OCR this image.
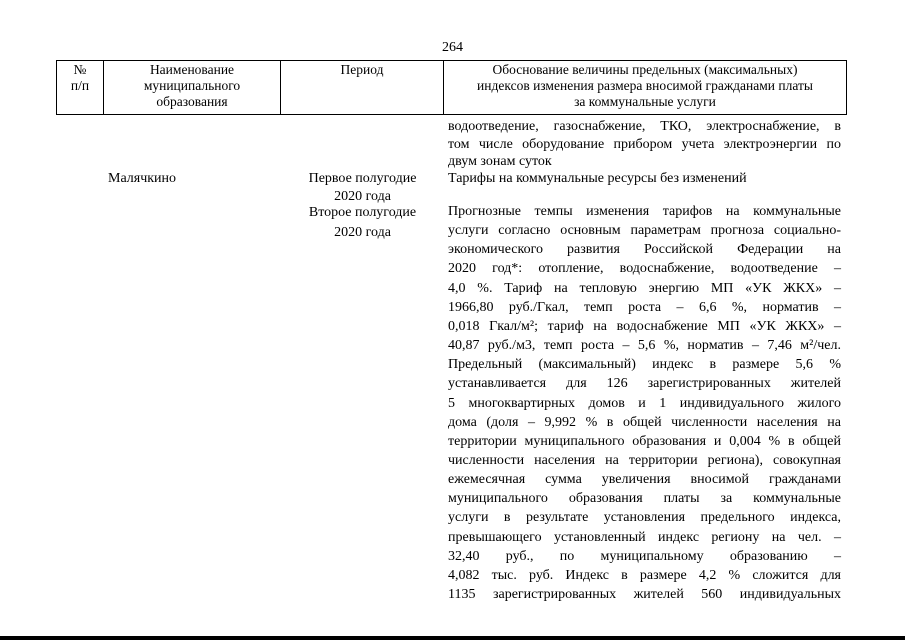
264
№
п/п
Наименование
муниципального
образования
Период	Обоснование величины предельных (максимальных)
индексов изменения размера вносимой гражданами платы
за коммунальные услуги
водоотведение, газоснабжение, ТКО, электроснабжение, в
том числе оборудование прибором учета электроэнергии по
двум зонам суток
Малячкино	Первое полугодие
2020 года
Тарифы на коммунальные ресурсы без изменений
Второе полугодие
2020 года
Прогнозные темпы изменения тарифов на коммунальные
услуги согласно основным параметрам прогноза социально-
экономического развития Российской Федерации на
2020 год*: отопление, водоснабжение, водоотведение –
4,0 %. Тариф на тепловую энергию МП «УК ЖКХ» –
1966,80 руб./Гкал, темп роста – 6,6 %, норматив –
0,018 Гкал/м²; тариф на водоснабжение МП «УК ЖКХ» –
40,87 руб./м3, темп роста – 5,6 %, норматив – 7,46 м²/чел.
Предельный (максимальный) индекс в размере 5,6 %
устанавливается для 126 зарегистрированных жителей
5 многоквартирных домов и 1 индивидуального жилого
дома (доля – 9,992 % в общей численности населения на
территории муниципального образования и 0,004 % в общей
численности населения на территории региона), совокупная
ежемесячная сумма увеличения вносимой гражданами
муниципального образования платы за коммунальные
услуги в результате установления предельного индекса,
превышающего установленный индекс региону на чел. –
32,40 руб., по муниципальному образованию –
4,082 тыс. руб. Индекс в размере 4,2 % сложится для
1135 зарегистрированных жителей 560 индивидуальных
